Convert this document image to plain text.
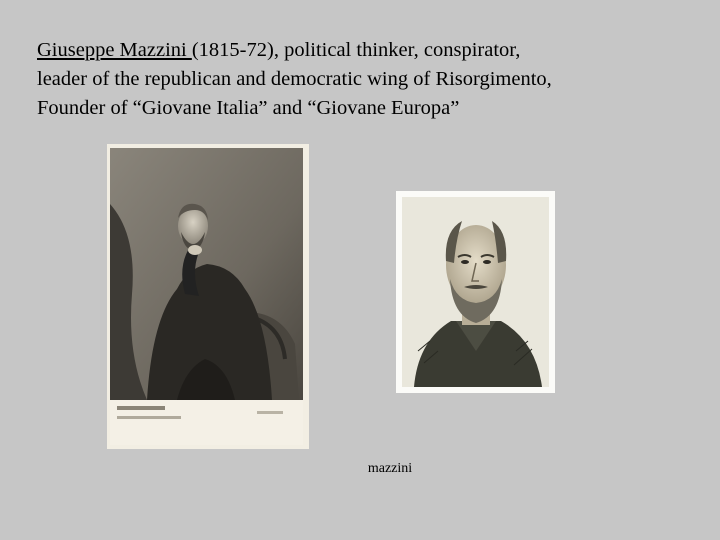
Giuseppe Mazzini (1815-72), political thinker, conspirator,
leader of the republican and democratic wing of Risorgimento,
Founder of “Giovane Italia” and “Giovane Europa”
mazzini
